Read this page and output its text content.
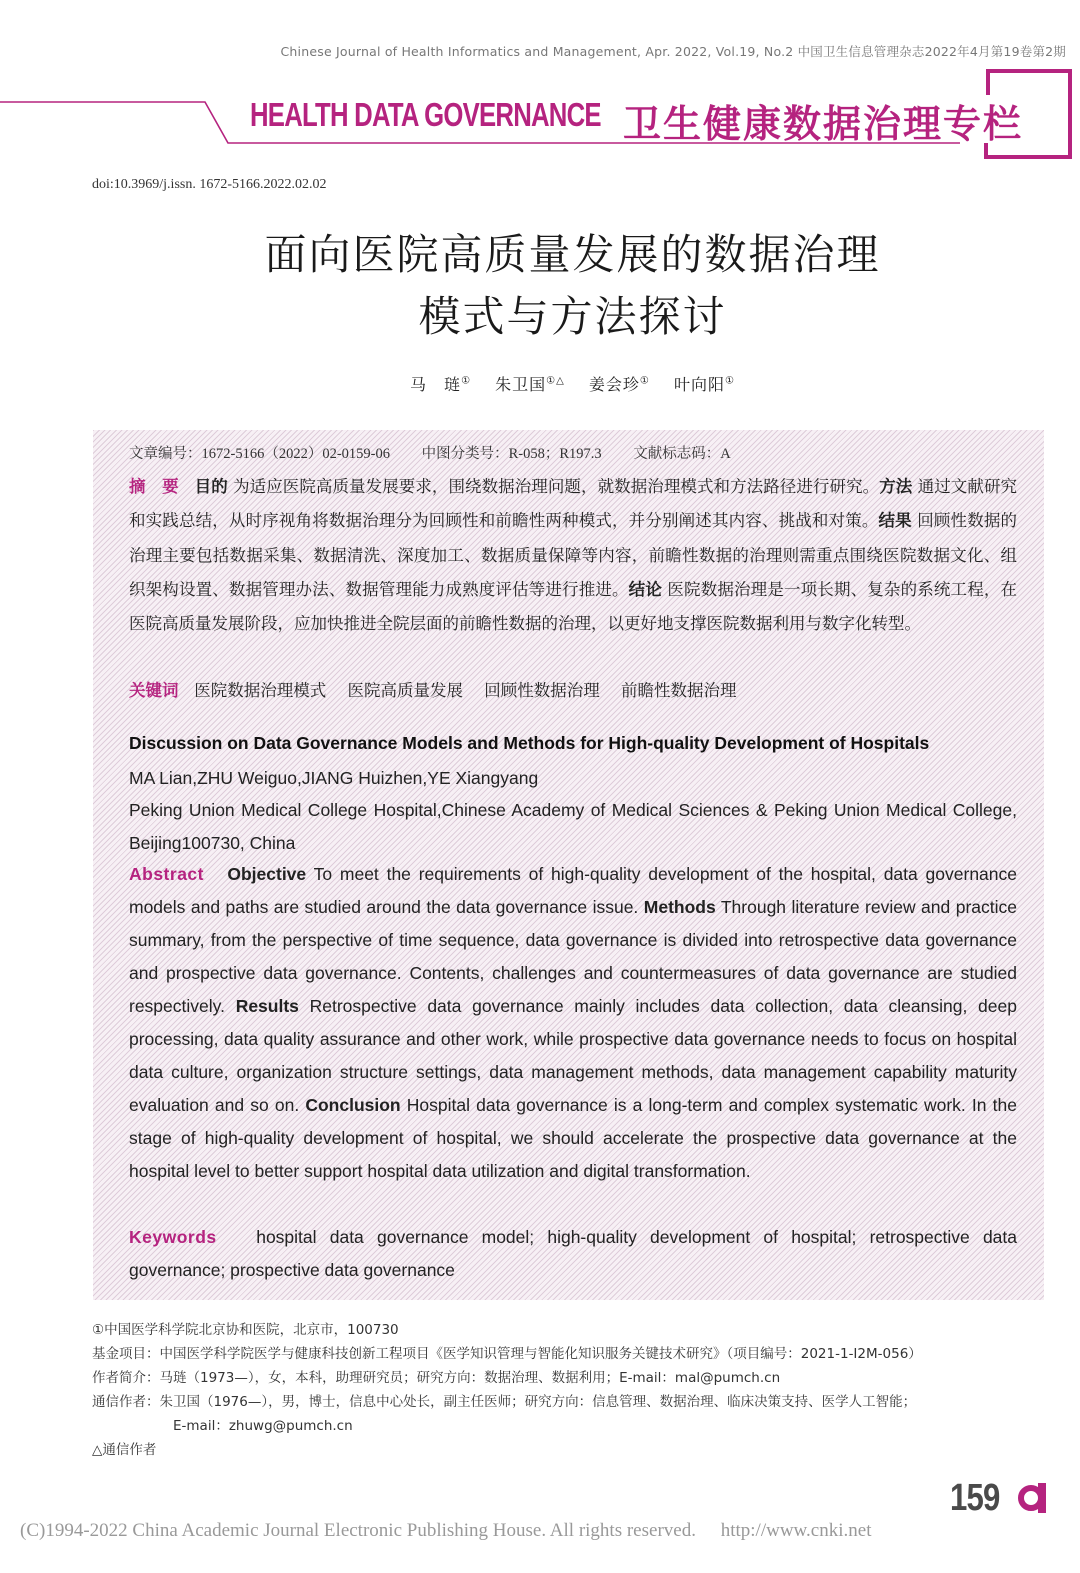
Chinese Journal of Health Informatics and Management, Apr. 2022, Vol.19, No.2 中国卫生信息管理杂志2022年4月第19卷第2期
HEALTH DATA GOVERNANCE 卫生健康数据治理专栏
doi:10.3969/j.issn. 1672-5166.2022.02.02
面向医院高质量发展的数据治理
模式与方法探讨
马　琏① 朱卫国①△ 姜会珍① 叶向阳①
文章编号：1672-5166（2022）02-0159-06 中图分类号：R-058；R197.3 文献标志码：A
摘　要 目的 为适应医院高质量发展要求，围绕数据治理问题，就数据治理模式和方法路径进行研究。方法 通过文献研究和实践总结，从时序视角将数据治理分为回顾性和前瞻性两种模式，并分别阐述其内容、挑战和对策。结果 回顾性数据的治理主要包括数据采集、数据清洗、深度加工、数据质量保障等内容，前瞻性数据的治理则需重点围绕医院数据文化、组织架构设置、数据管理办法、数据管理能力成熟度评估等进行推进。结论 医院数据治理是一项长期、复杂的系统工程，在医院高质量发展阶段，应加快推进全院层面的前瞻性数据的治理，以更好地支撑医院数据利用与数字化转型。
关键词 医院数据治理模式 医院高质量发展 回顾性数据治理 前瞻性数据治理
Discussion on Data Governance Models and Methods for High-quality Development of Hospitals
MA Lian,ZHU Weiguo,JIANG Huizhen,YE Xiangyang
Peking Union Medical College Hospital,Chinese Academy of Medical Sciences & Peking Union Medical College, Beijing100730, China
Abstract Objective To meet the requirements of high-quality development of the hospital, data governance models and paths are studied around the data governance issue. Methods Through literature review and practice summary, from the perspective of time sequence, data governance is divided into retrospective data governance and prospective data governance. Contents, challenges and countermeasures of data governance are studied respectively. Results Retrospective data governance mainly includes data collection, data cleansing, deep processing, data quality assurance and other work, while prospective data governance needs to focus on hospital data culture, organization structure settings, data management methods, data management capability maturity evaluation and so on. Conclusion Hospital data governance is a long-term and complex systematic work. In the stage of high-quality development of hospital, we should accelerate the prospective data governance at the hospital level to better support hospital data utilization and digital transformation.
Keywords hospital data governance model; high-quality development of hospital; retrospective data governance; prospective data governance
①中国医学科学院北京协和医院，北京市，100730
基金项目：中国医学科学院医学与健康科技创新工程项目《医学知识管理与智能化知识服务关键技术研究》（项目编号：2021-1-I2M-056）
作者简介：马琏（1973—），女，本科，助理研究员；研究方向：数据治理、数据利用；E-mail：mal@pumch.cn
通信作者：朱卫国（1976—），男，博士，信息中心处长，副主任医师；研究方向：信息管理、数据治理、临床决策支持、医学人工智能；
E-mail：zhuwg@pumch.cn
△通信作者
159
(C)1994-2022 China Academic Journal Electronic Publishing House. All rights reserved. http://www.cnki.net
